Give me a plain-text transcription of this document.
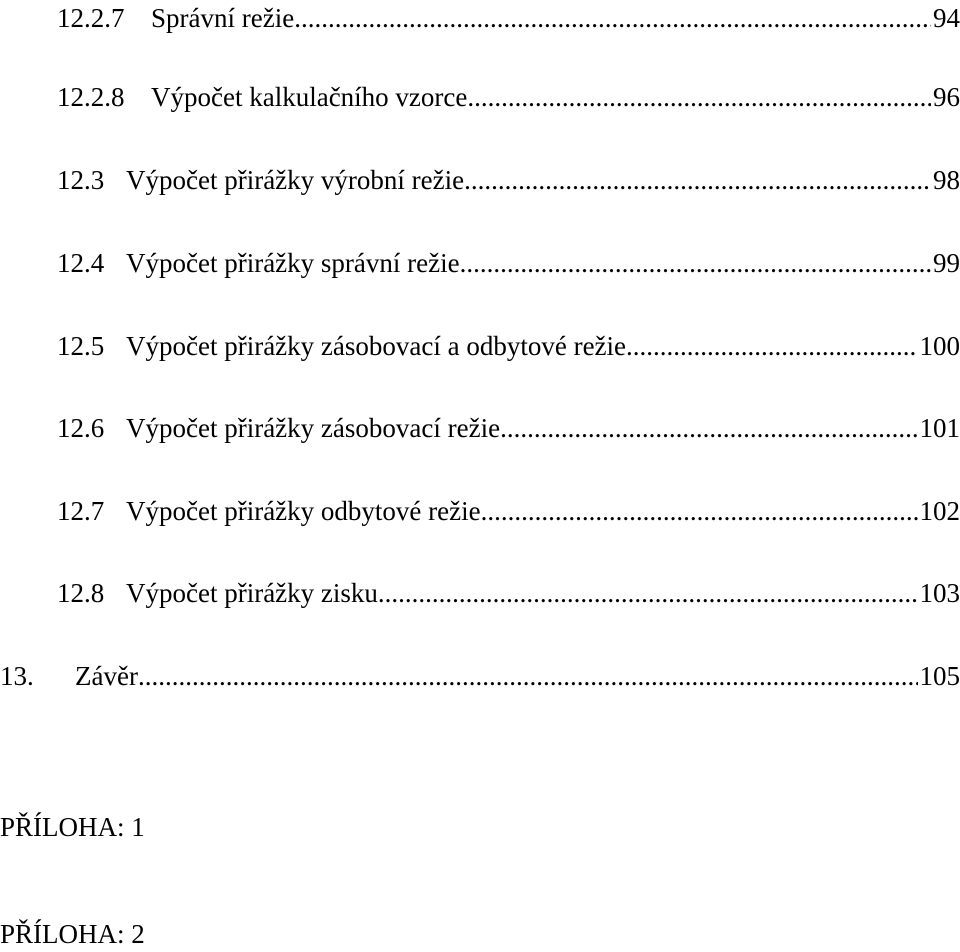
12.2.7 Správní režie .....	94
12.2.8 Výpočet kalkulačního vzorce .....	96
12.3 Výpočet přirážky výrobní režie .....	98
12.4 Výpočet přirážky správní režie .....	99
12.5 Výpočet přirážky zásobovací a odbytové režie .....	100
12.6 Výpočet přirážky zásobovací režie .....	101
12.7 Výpočet přirážky odbytové režie .....	102
12.8 Výpočet přirážky zisku .....	103
13.	Závěr .....	105
PŘÍLOHA: 1
PŘÍLOHA: 2
